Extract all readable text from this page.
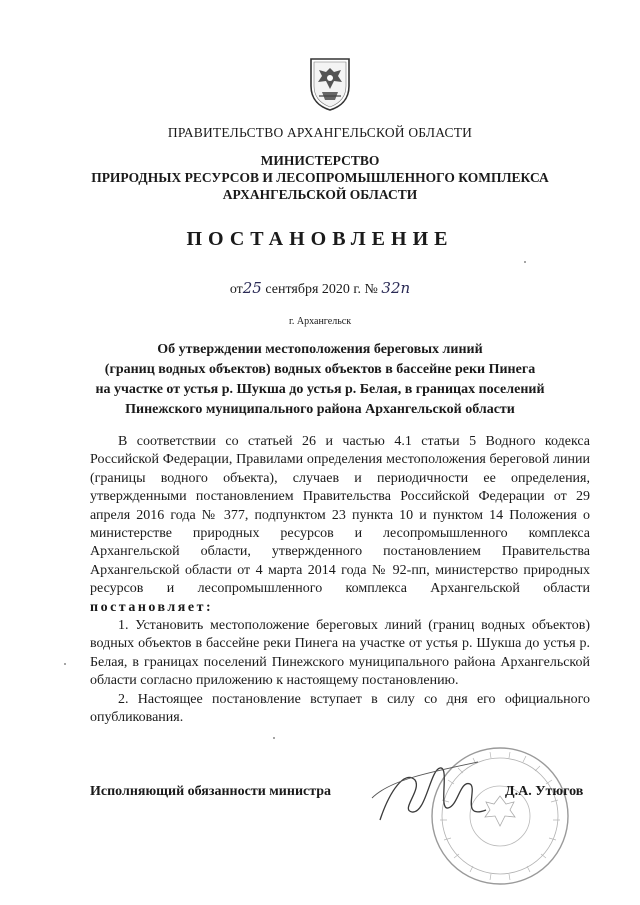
ПРАВИТЕЛЬСТВО АРХАНГЕЛЬСКОЙ ОБЛАСТИ
МИНИСТЕРСТВО
ПРИРОДНЫХ РЕСУРСОВ И ЛЕСОПРОМЫШЛЕННОГО КОМПЛЕКСА
АРХАНГЕЛЬСКОЙ ОБЛАСТИ
ПОСТАНОВЛЕНИЕ
от25 сентября 2020 г. № 32п
г. Архангельск
Об утверждении местоположения береговых линий
(границ водных объектов) водных объектов в бассейне реки Пинега
на участке от устья р. Шукша до устья р. Белая, в границах поселений
Пинежского муниципального района Архангельской области

В соответствии со статьей 26 и частью 4.1 статьи 5 Водного кодекса Российской Федерации, Правилами определения местоположения береговой линии (границы водного объекта), случаев и периодичности ее определения, утвержденными постановлением Правительства Российской Федерации от 29 апреля 2016 года № 377, подпунктом 23 пункта 10 и пунктом 14 Положения о министерстве природных ресурсов и лесопромышленного комплекса Архангельской области, утвержденного постановлением Правительства Архангельской области от 4 марта 2014 года № 92-пп, министерство природных ресурсов и лесопромышленного комплекса Архангельской области постановляет:

1. Установить местоположение береговых линий (границ водных объектов) водных объектов в бассейне реки Пинега на участке от устья р. Шукша до устья р. Белая, в границах поселений Пинежского муниципального района Архангельской области согласно приложению к настоящему постановлению.

2. Настоящее постановление вступает в силу со дня его официального опубликования.

Исполняющий обязанности министра	Д.А. Утюгов
